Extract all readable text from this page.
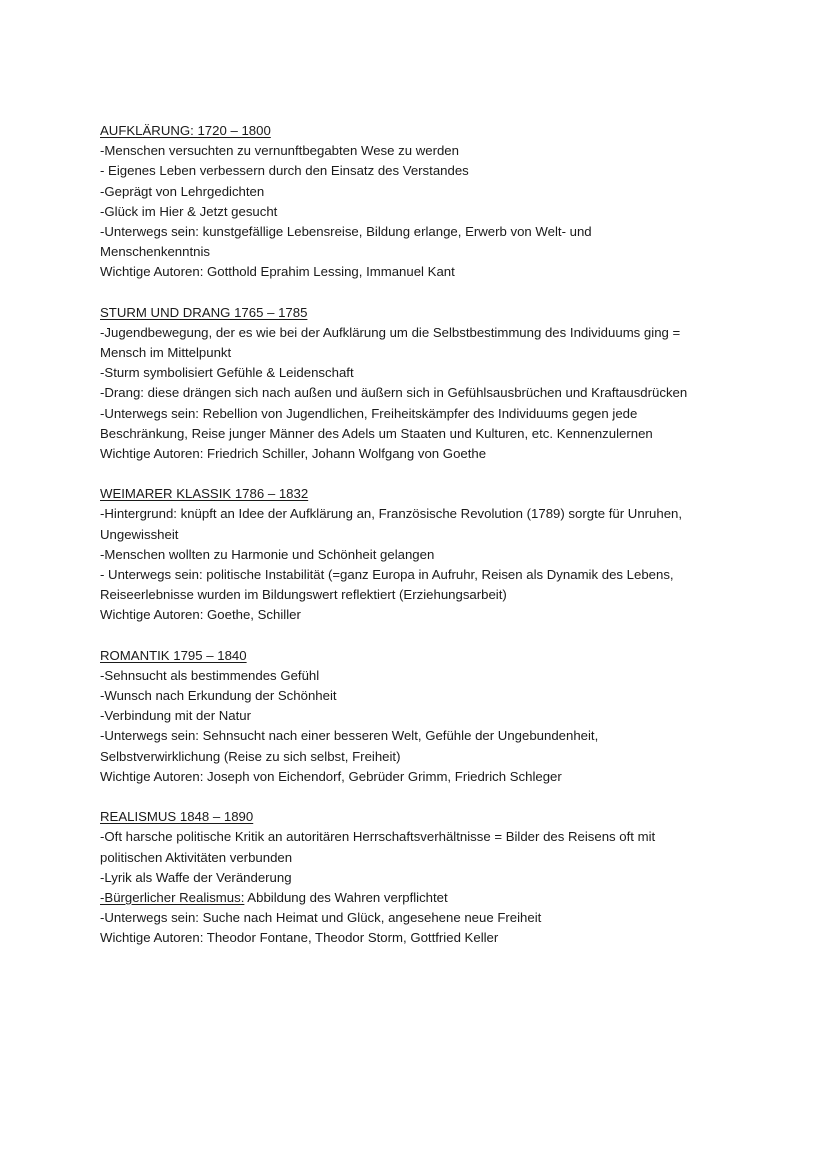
AUFKLÄRUNG: 1720 – 1800
-Menschen versuchten zu vernunftbegabten Wese zu werden
- Eigenes Leben verbessern durch den Einsatz des Verstandes
-Geprägt von Lehrgedichten
-Glück im Hier & Jetzt gesucht
-Unterwegs sein: kunstgefällige Lebensreise, Bildung erlange, Erwerb von Welt- und
Menschenkenntnis
Wichtige Autoren: Gotthold Eprahim Lessing, Immanuel Kant
STURM UND DRANG 1765 – 1785
-Jugendbewegung, der es wie bei der Aufklärung um die Selbstbestimmung des Individuums ging =
Mensch im Mittelpunkt
-Sturm symbolisiert Gefühle & Leidenschaft
-Drang: diese drängen sich nach außen und äußern sich in Gefühlsausbrüchen und Kraftausdrücken
-Unterwegs sein: Rebellion von Jugendlichen, Freiheitskämpfer des Individuums gegen jede
Beschränkung, Reise junger Männer des Adels um Staaten und Kulturen, etc. Kennenzulernen
Wichtige Autoren: Friedrich Schiller, Johann Wolfgang von Goethe
WEIMARER KLASSIK 1786 – 1832
-Hintergrund: knüpft an Idee der Aufklärung an, Französische Revolution (1789) sorgte für Unruhen,
Ungewissheit
-Menschen wollten zu Harmonie und Schönheit gelangen
- Unterwegs sein: politische Instabilität (=ganz Europa in Aufruhr, Reisen als Dynamik des Lebens,
Reiseerlebnisse wurden im Bildungswert reflektiert (Erziehungsarbeit)
Wichtige Autoren: Goethe, Schiller
ROMANTIK 1795 – 1840
-Sehnsucht als bestimmendes Gefühl
-Wunsch nach Erkundung der Schönheit
-Verbindung mit der Natur
-Unterwegs sein: Sehnsucht nach einer besseren Welt, Gefühle der Ungebundenheit,
Selbstverwirklichung (Reise zu sich selbst, Freiheit)
Wichtige Autoren: Joseph von Eichendorf, Gebrüder Grimm, Friedrich Schleger
REALISMUS 1848 – 1890
-Oft harsche politische Kritik an autoritären Herrschaftsverhältnisse = Bilder des Reisens oft mit
politischen Aktivitäten verbunden
-Lyrik als Waffe der Veränderung
-Bürgerlicher Realismus: Abbildung des Wahren verpflichtet
-Unterwegs sein: Suche nach Heimat und Glück, angesehene neue Freiheit
Wichtige Autoren: Theodor Fontane, Theodor Storm, Gottfried Keller
